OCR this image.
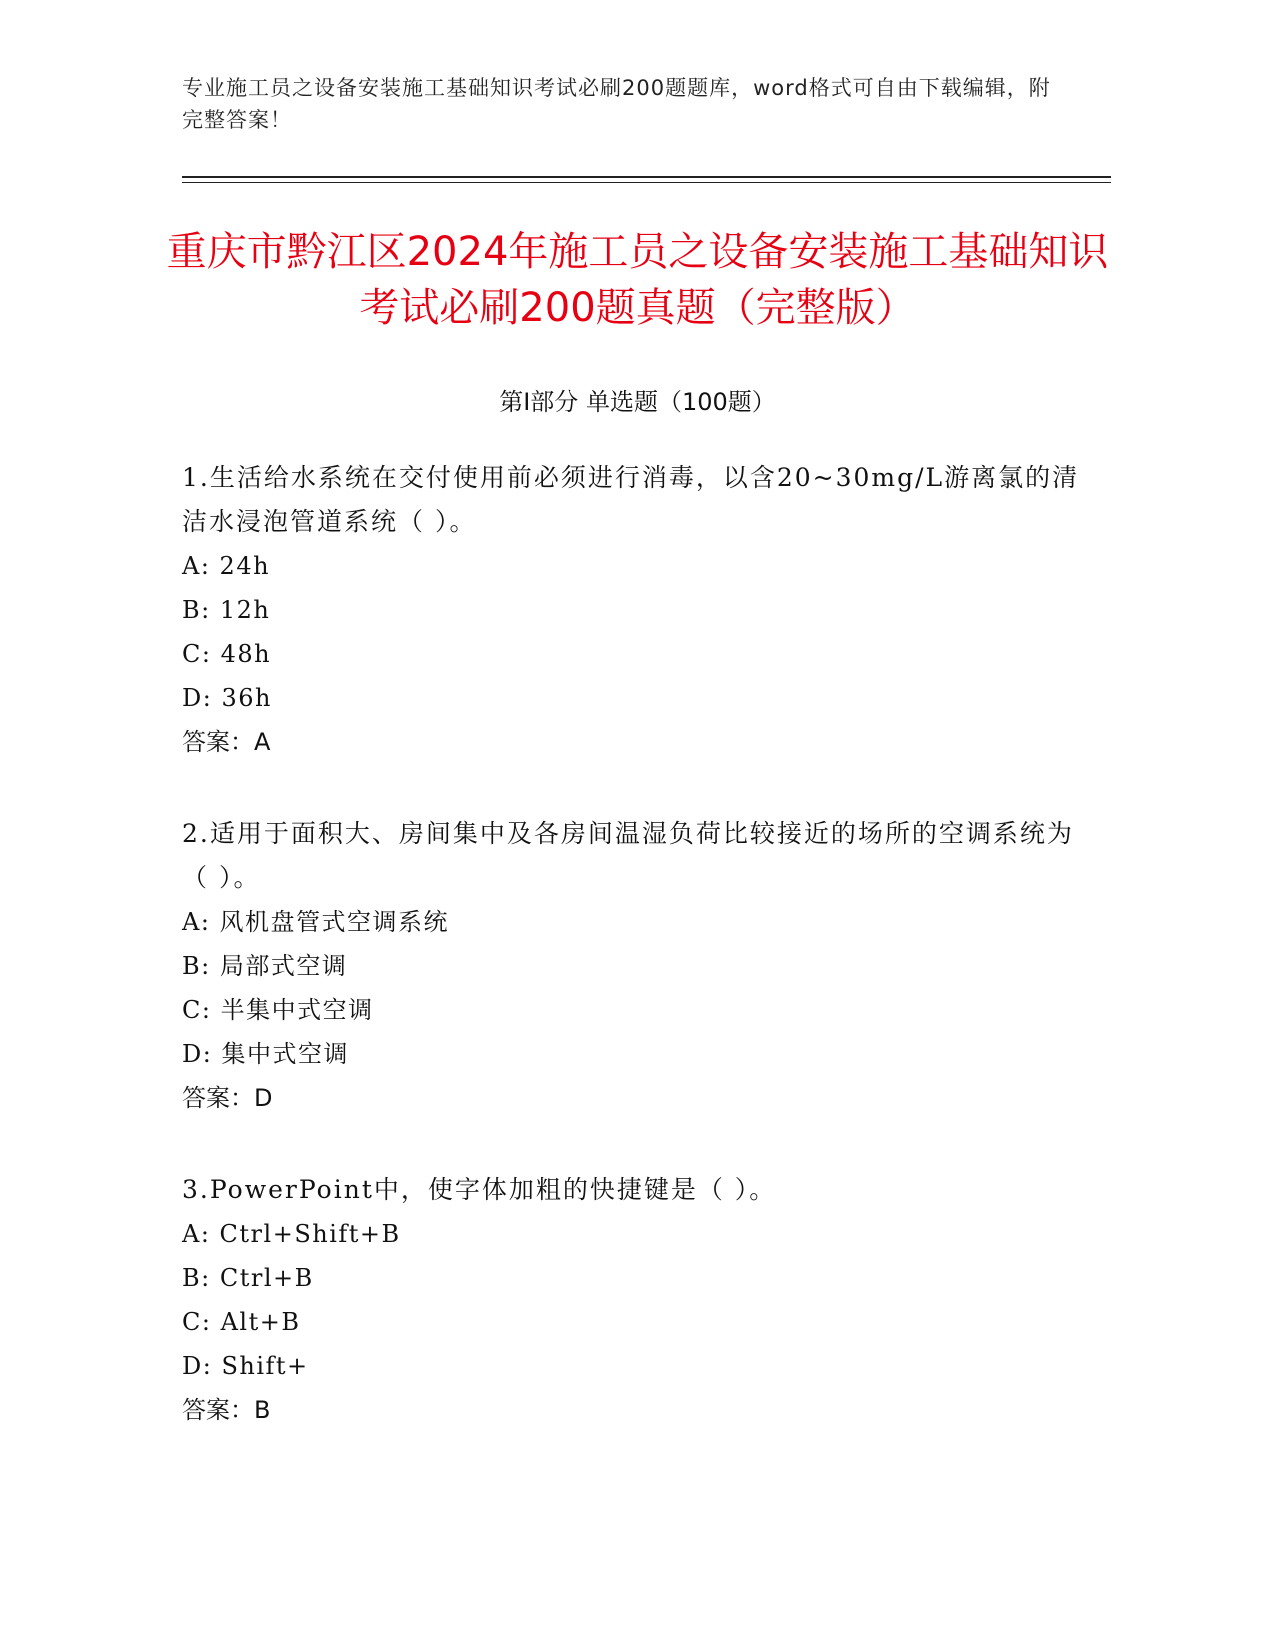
专业施工员之设备安装施工基础知识考试必刷200题题库，word格式可自由下载编辑，附完整答案！
重庆市黔江区2024年施工员之设备安装施工基础知识考试必刷200题真题（完整版）
第Ⅰ部分 单选题（100题）
1.生活给水系统在交付使用前必须进行消毒，以含20~30mg/L游离氯的清洁水浸泡管道系统（ ）。
A: 24h
B: 12h
C: 48h
D: 36h
答案：A
2.适用于面积大、房间集中及各房间温湿负荷比较接近的场所的空调系统为（ ）。
A: 风机盘管式空调系统
B: 局部式空调
C: 半集中式空调
D: 集中式空调
答案：D
3.PowerPoint中，使字体加粗的快捷键是（ ）。
A: Ctrl+Shift+B
B: Ctrl+B
C: Alt+B
D: Shift+
答案：B
